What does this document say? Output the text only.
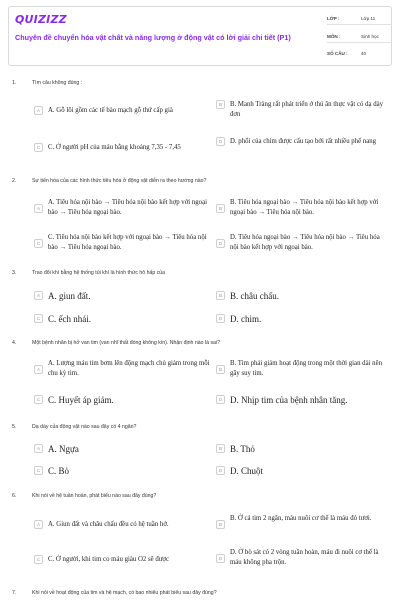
QUIZIZZ
Chuyên đề chuyển hóa vật chất và năng lượng ở động vật có lời giải chi tiết (P1)
LỚP :	Lớp 11
MÔN :	Sinh học
SỐ CÂU :	40
1.	Tìm câu không đúng :
A	A. Gỗ lõi gồm các tế bào mạch gỗ thứ cấp già
B	B. Manh Tràng rất phát triển ở thú ăn thực vật có dạ dày đơn
C	C. Ở người pH của máu bằng khoảng 7,35 - 7,45
D	D. phổi của chim được cấu tạo bởi rất nhiều phế nang
2.	Sự tiến hóa của các hình thức tiêu hóa ở động vật diễn ra theo hướng nào?
A
A. Tiêu hóa nội bào → Tiêu hóa nội bào kết hợp với ngoại bào → Tiêu hóa ngoại bào.	B
B. Tiêu hóa ngoại bào → Tiêu hóa nội bào kết hợp với ngoại bào → Tiêu hóa nội bào.
C
C. Tiêu hóa nội bào kết hợp với ngoại bào → Tiêu hóa nội bào → Tiêu hóa ngoại bào.	D
D. Tiêu hóa ngoại bào → Tiêu hóa nội bào → Tiêu hóa nội bào kết hợp với ngoại bào.
3.	Trao đổi khí bằng hệ thống túi khí là hình thức hô hấp của
A A. giun đất.	B B. châu chấu.
C C. ếch nhái.	D D. chim.
4.	Một bệnh nhân bị hở van tim (van nhĩ thất đóng không kín). Nhận định nào là sai?
A
A. Lượng máu tim bơm lên động mạch chủ giảm trong mỗi chu kỳ tim.	B
B. Tim phải giảm hoạt động trong một thời gian dài nên gây suy tim.
C C. Huyết áp giảm.	D D. Nhịp tim của bệnh nhân tăng.
5.	Dạ dày của động vật nào sau đây có 4 ngăn?
A A. Ngựa	B B. Thỏ
C C. Bò	D D. Chuột
6.	Khi nói về hệ tuần hoàn, phát biểu nào sau đây đúng?
A	A. Giun đất và châu chấu đều có hệ tuần hở.	B
B. Ở cá tim 2 ngăn, máu nuôi cơ thể là máu đỏ tươi.
C	C. Ở người, khi tim co máu giàu O2 sẽ được	D
D. Ở bò sát có 2 vòng tuần hoàn, máu đi nuôi cơ thể là máu không pha trộn.
7.	Khi nói về hoạt động của tim và hệ mạch, có bao nhiêu phát biểu sau đây đúng?
